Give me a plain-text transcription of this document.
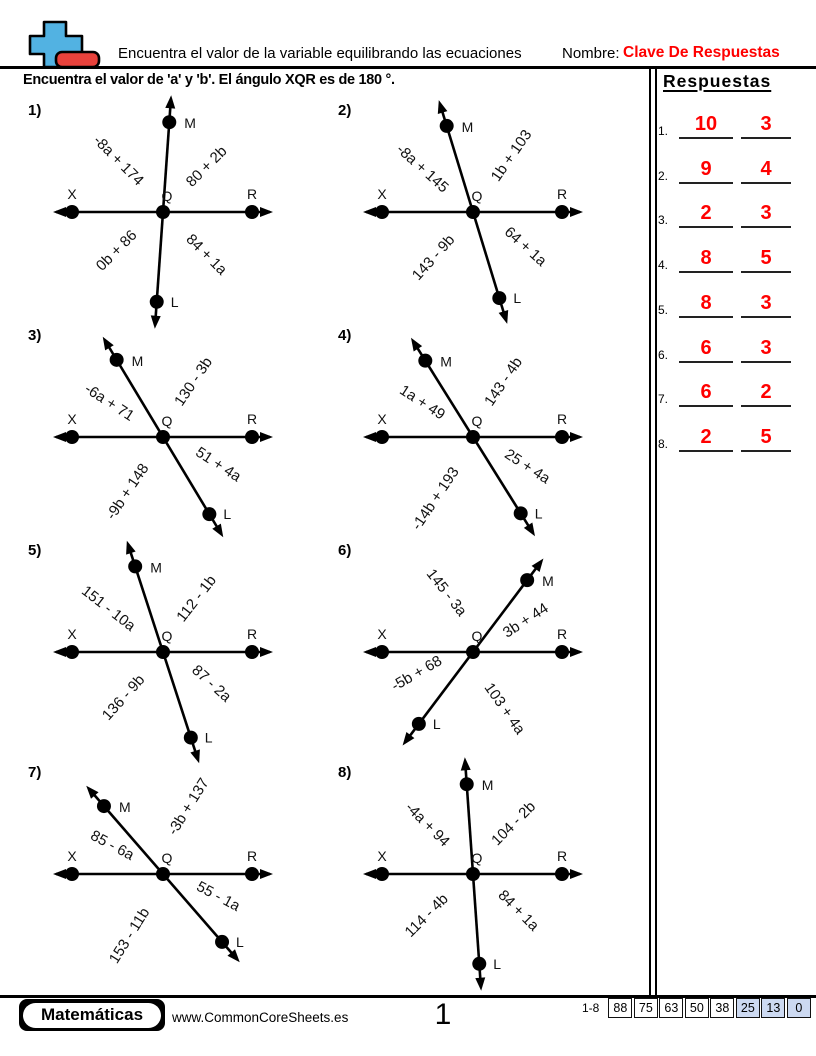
Encuentra el valor de la variable equilibrando las ecuaciones	Nombre: Clave De Respuestas
Encuentra el valor de 'a' y 'b'. El ángulo XQR es de 180 °.
1)
X	R
Q
M
L
-8a + 174 80 + 2b
0b + 86	84 + 1a
2)
X	R
Q
M
L
-8a + 145 1b + 103
143 - 9b	64 + 1a
3)
X	R
Q
M
L
-6a + 71 130 - 3b
-9b + 148	51 + 4a
4)
X	R
Q
M
L
1a + 49 143 - 4b
-14b + 193	25 + 4a
5)
X	R
Q
M
L
151 - 10a 112 - 1b
136 - 9b	87 - 2a
6)
X	R
Q
M
L
145 - 3a
3b + 44
-5b + 68
103 + 4a
7)
X	R
Q
M
L
85 - 6a
-3b + 137
153 - 11b
55 - 1a
8)
X	R
Q
M
L
-4a + 94 104 - 2b
114 - 4b	84 + 1a
Respuestas
1.	10	3
2.	9	4
3.	2	3
4.	8	5
5.	8	3
6.	6	3
7.	6	2
8.	2	5
Matemáticas	www.CommonCoreSheets.es	1	1-8	88 75 63 50 38 25 13	0
